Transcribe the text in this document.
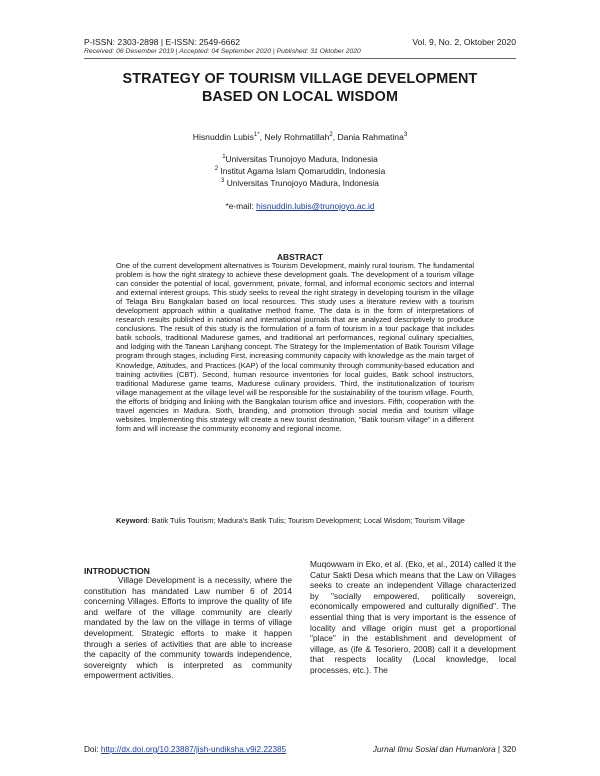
P-ISSN: 2303-2898 | E-ISSN: 2549-6662	Vol. 9, No. 2, Oktober 2020
Received: 06 Desember 2019 | Accepted: 04 September 2020 | Published: 31 Oktober 2020
STRATEGY OF TOURISM VILLAGE DEVELOPMENT
BASED ON LOCAL WISDOM
Hisnuddin Lubis$^{1*}$, Nely Rohmatillah$^2$, Dania Rahmatina$^3$
$^1$Universitas Trunojoyo Madura, Indonesia
$^2$ Institut Agama Islam Qomaruddin, Indonesia
$^3$ Universitas Trunojoyo Madura, Indonesia
*e-mail: hisnuddin.lubis@trunojoyo.ac.id
ABSTRACT
One of the current development alternatives is Tourism Development, mainly rural tourism. The fundamental problem is how the right strategy to achieve these development goals. The development of a tourism village can consider the potential of local, government, private, formal, and informal economic sectors and internal and external interest groups. This study seeks to reveal the right strategy in developing tourism in the village of Telaga Biru Bangkalan based on local resources. This study uses a literature review with a tourism development approach within a qualitative method frame. The data is in the form of interpretations of research results published in national and international journals that are analyzed descriptively to produce conclusions. The result of this study is the formulation of a form of tourism in a tour package that includes batik schools, traditional Madurese games, and traditional art performances, regional culinary specialties, and lodging with the Tanean Lanjhang concept. The Strategy for the Implementation of Batik Tourism Village program through stages, including First, increasing community capacity with knowledge as the main target of Knowledge, Attitudes, and Practices (KAP) of the local community through community-based education and training activities (CBT). Second, human resource inventories for local guides, Batik school instructors, traditional Madurese game teams, Madurese culinary providers. Third, the institutionalization of tourism village management at the village level will be responsible for the sustainability of the tourism village. Fourth, the efforts of bridging and linking with the Bangkalan tourism office and investors. Fifth, cooperation with the travel agencies in Madura. Sixth, branding, and promotion through social media and tourism village websites. Implementing this strategy will create a new tourist destination, "Batik tourism village" in a different form and will increase the community economy and regional income.
Keyword: Batik Tulis Tourism; Madura's Batik Tulis; Tourism Development; Local Wisdom; Tourism Village
INTRODUCTION
Village Development is a necessity, where the constitution has mandated Law number 6 of 2014 concerning Villages. Efforts to improve the quality of life and welfare of the village community are clearly mandated by the law on the village in terms of village development. Strategic efforts to make it happen through a series of activities that are able to increase the capacity of the community towards independence, sovereignty which is interpreted as community empowerment activities.
Muqowwam in Eko, et al. (Eko, et al., 2014) called it the Catur Sakti Desa which means that the Law on Villages seeks to create an independent Village characterized by "socially empowered, politically sovereign, economically empowered and culturally dignified". The essential thing that is very important is the essence of locality and village origin must get a proportional "place" in the establishment and development of village, as (ife & Tesoriero, 2008) call it a development that respects locality (Local knowledge, local processes, etc.). The
Doi: http://dx.doi.org/10.23887/jish-undiksha.v9i2.22385	Jurnal Ilmu Sosial dan Humaniora | 320
